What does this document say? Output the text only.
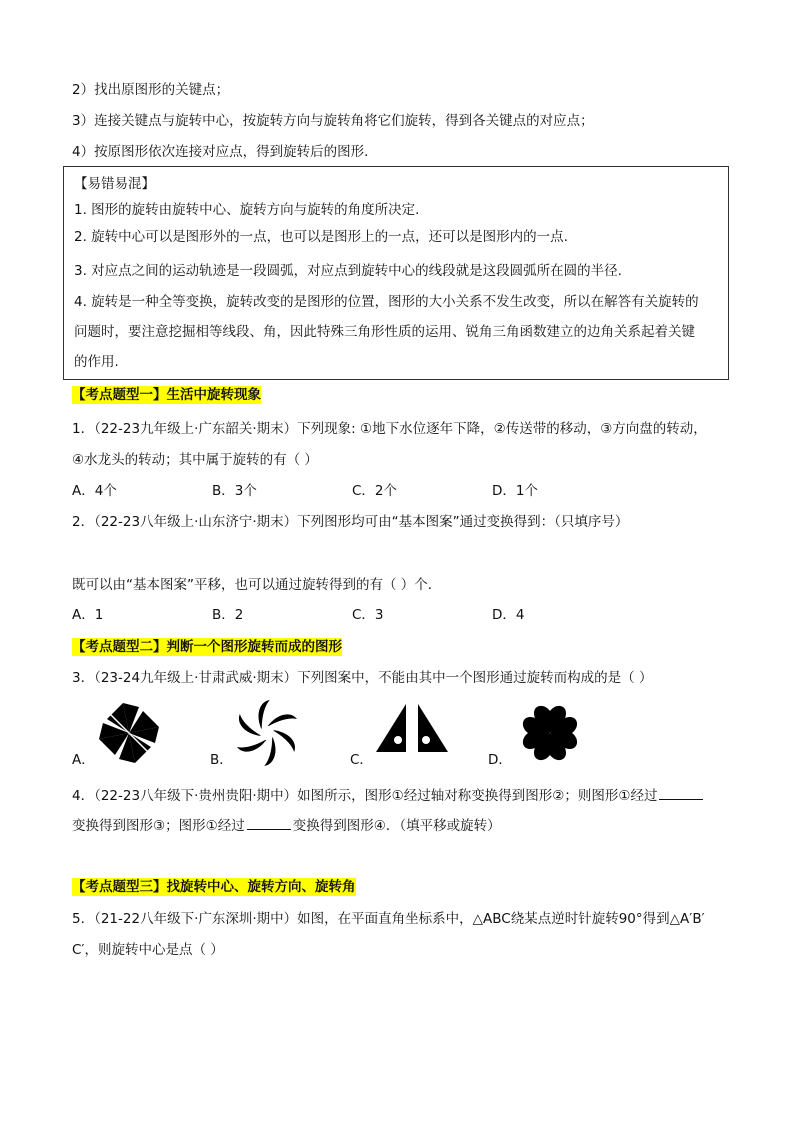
2）找出原图形的关键点；
3）连接关键点与旋转中心，按旋转方向与旋转角将它们旋转，得到各关键点的对应点；
4）按原图形依次连接对应点，得到旋转后的图形．
【易错易混】
1. 图形的旋转由旋转中心、旋转方向与旋转的角度所决定.
2. 旋转中心可以是图形外的一点，也可以是图形上的一点，还可以是图形内的一点.
3. 对应点之间的运动轨迹是一段圆弧，对应点到旋转中心的线段就是这段圆弧所在圆的半径.
4. 旋转是一种全等变换，旋转改变的是图形的位置，图形的大小关系不发生改变，所以在解答有关旋转的
问题时，要注意挖掘相等线段、角，因此特殊三角形性质的运用、锐角三角函数建立的边角关系起着关键
的作用.
【考点题型一】生活中旋转现象
1．（22-23九年级上·广东韶关·期末）下列现象: ①地下水位逐年下降，②传送带的移动，③方向盘的转动，
④水龙头的转动；其中属于旋转的有（ ）
A．4个	B．3个	C．2个	D．1个
2．（22-23八年级上·山东济宁·期末）下列图形均可由“基本图案”通过变换得到：（只填序号）
既可以由“基本图案”平移，也可以通过旋转得到的有（ ）个．
A．1	B．2	C．3	D．4
【考点题型二】判断一个图形旋转而成的图形
3．（23-24九年级上·甘肃武威·期末）下列图案中，不能由其中一个图形通过旋转而构成的是（ ）
A．	B．	C．	D．
4．（22-23八年级下·贵州贵阳·期中）如图所示，图形①经过轴对称变换得到图形②；则图形①经过
变换得到图形③；图形①经过	变换得到图形④．（填平移或旋转）
【考点题型三】找旋转中心、旋转方向、旋转角
5．（21-22八年级下·广东深圳·期中）如图，在平面直角坐标系中，△ABC绕某点逆时针旋转90°得到△A′B′
C′，则旋转中心是点（ ）
